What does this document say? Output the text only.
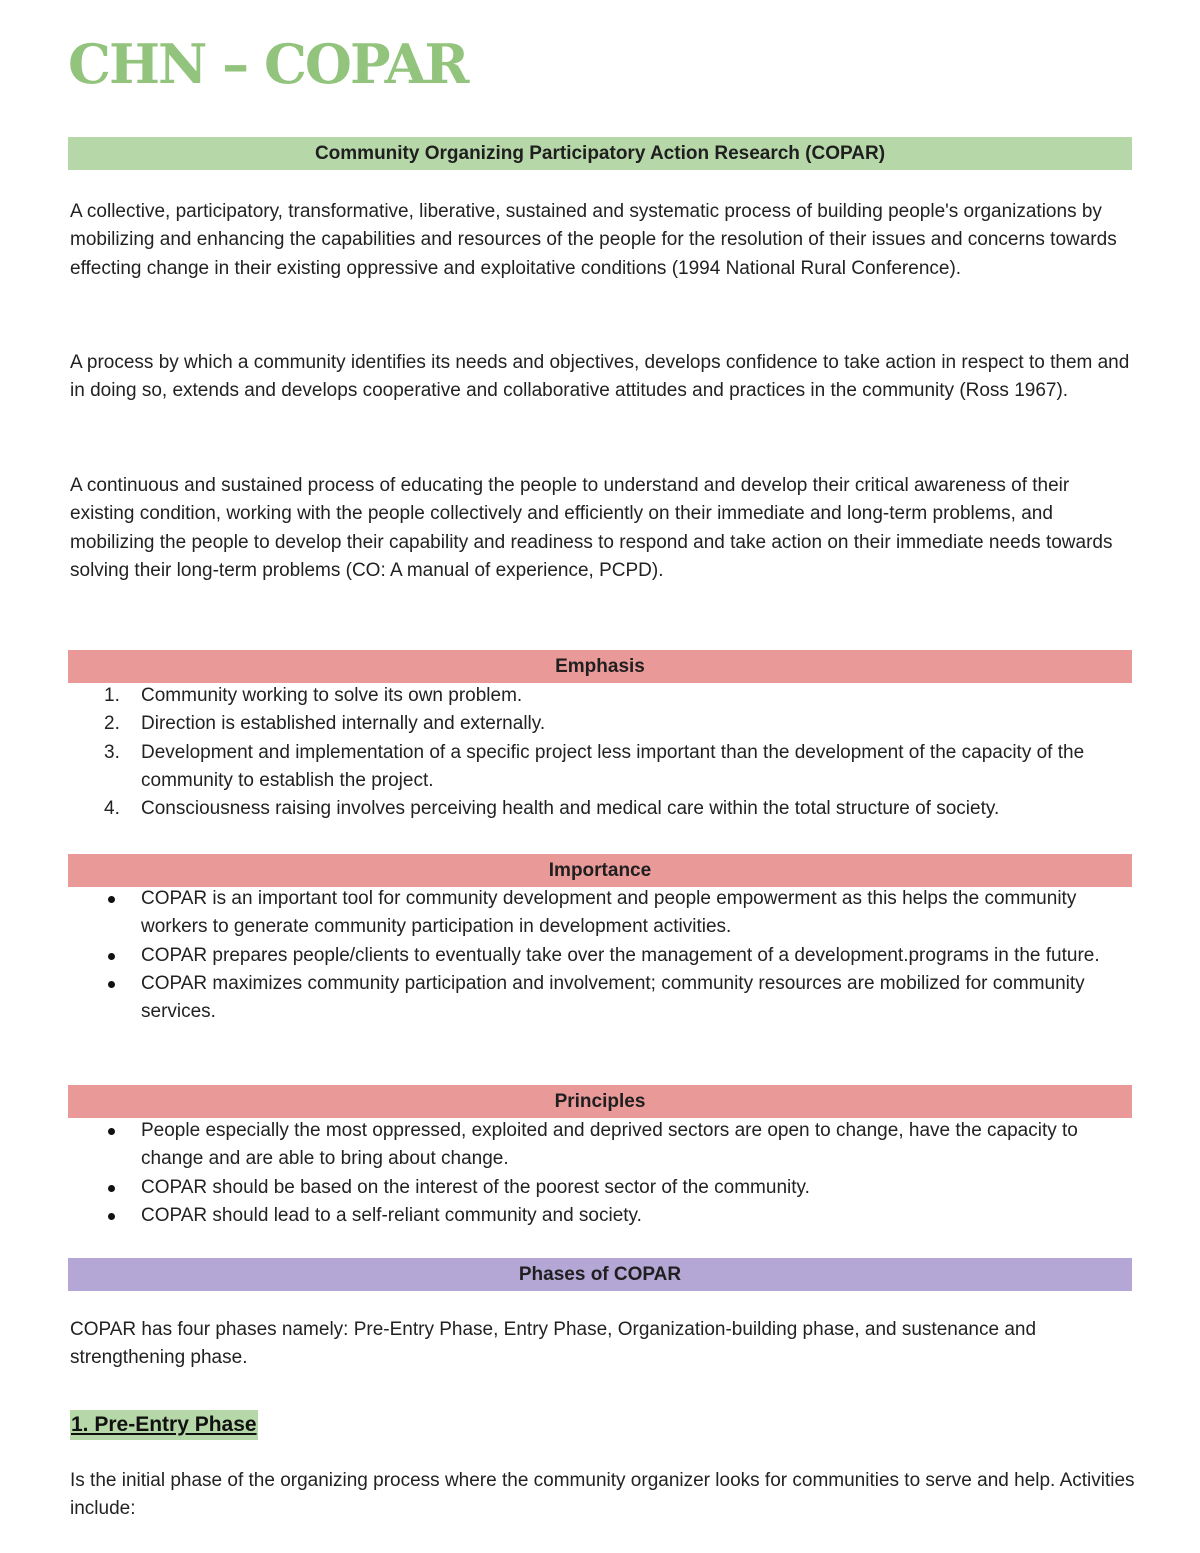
CHN – COPAR
Community Organizing Participatory Action Research (COPAR)

A collective, participatory, transformative, liberative, sustained and systematic process of building people's organizations by mobilizing and enhancing the capabilities and resources of the people for the resolution of their issues and concerns towards effecting change in their existing oppressive and exploitative conditions (1994 National Rural Conference).

A process by which a community identifies its needs and objectives, develops confidence to take action in respect to them and in doing so, extends and develops cooperative and collaborative attitudes and practices in the community (Ross 1967).

A continuous and sustained process of educating the people to understand and develop their critical awareness of their existing condition, working with the people collectively and efficiently on their immediate and long-term problems, and mobilizing the people to develop their capability and readiness to respond and take action on their immediate needs towards solving their long-term problems (CO: A manual of experience, PCPD).

Emphasis
1. Community working to solve its own problem.
2. Direction is established internally and externally.
3. Development and implementation of a specific project less important than the development of the capacity of the community to establish the project.
4. Consciousness raising involves perceiving health and medical care within the total structure of society.
Importance
COPAR is an important tool for community development and people empowerment as this helps the community workers to generate community participation in development activities.
COPAR prepares people/clients to eventually take over the management of a development.programs in the future.
COPAR maximizes community participation and involvement; community resources are mobilized for community services.
Principles
People especially the most oppressed, exploited and deprived sectors are open to change, have the capacity to change and are able to bring about change.
COPAR should be based on the interest of the poorest sector of the community.
COPAR should lead to a self-reliant community and society.
Phases of COPAR

COPAR has four phases namely: Pre-Entry Phase, Entry Phase, Organization-building phase, and sustenance and strengthening phase.

1. Pre-Entry Phase

Is the initial phase of the organizing process where the community organizer looks for communities to serve and help. Activities include:
